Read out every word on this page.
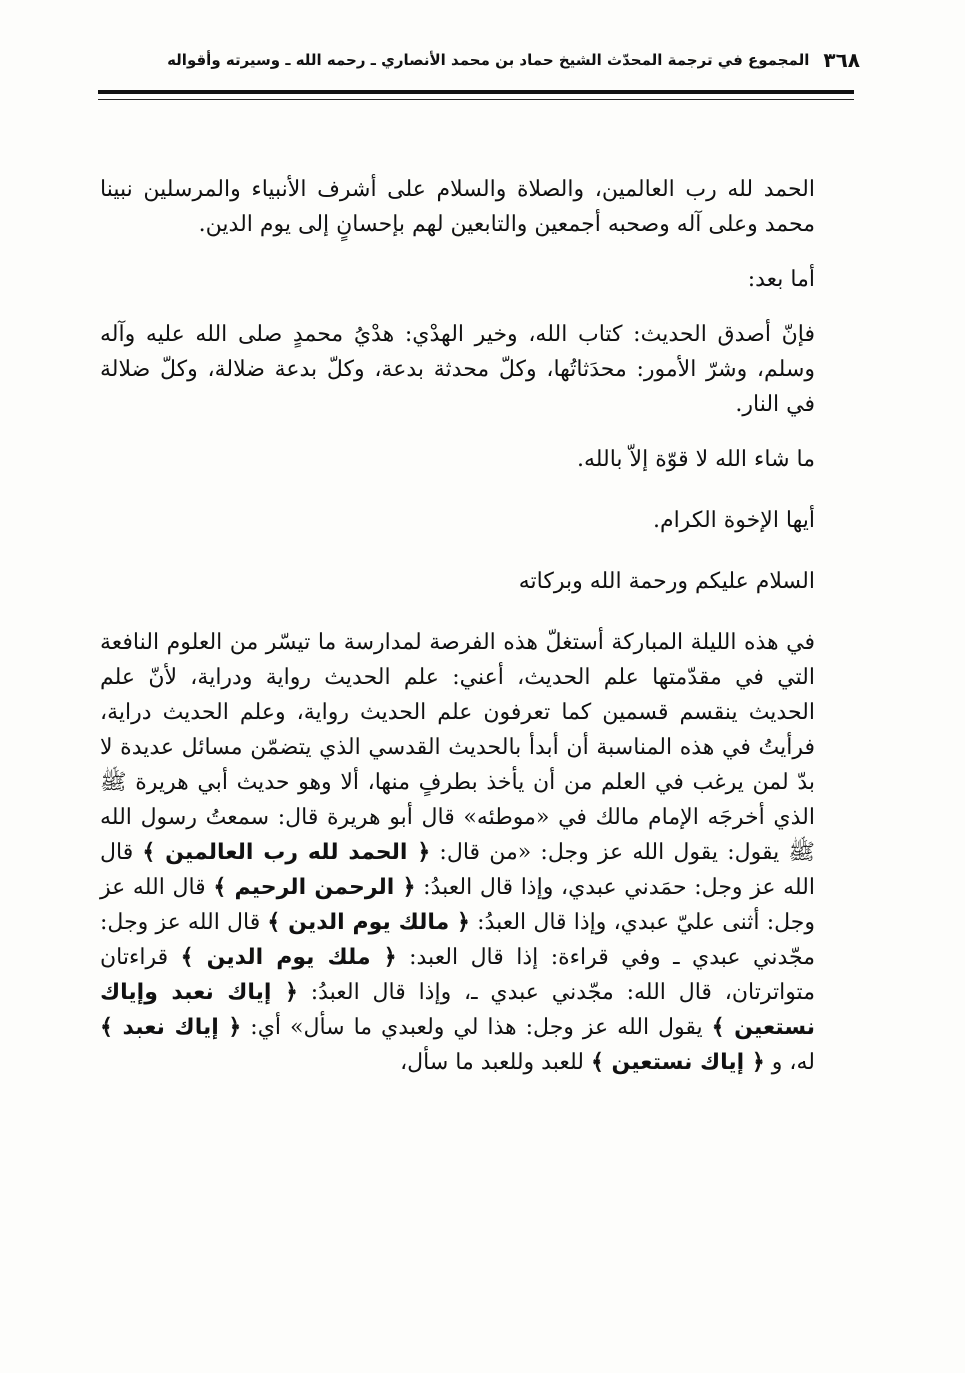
٣٦٨
المجموع في ترجمة المحدّث الشيخ حماد بن محمد الأنصاري ـ رحمه الله ـ وسيرته وأقواله

الحمد لله رب العالمين، والصلاة والسلام على أشرف الأنبياء والمرسلين نبينا محمد وعلى آله وصحبه أجمعين والتابعين لهم بإحسانٍ إلى يوم الدين.

أما بعد:

فإنّ أصدق الحديث: كتاب الله، وخير الهدْي: هدْيُ محمدٍ صلى الله عليه وآله وسلم، وشرّ الأمور: محدَثاتُها، وكلّ محدثة بدعة، وكلّ بدعة ضلالة، وكلّ ضلالة في النار.

ما شاء الله لا قوّة إلاّ بالله.

أيها الإخوة الكرام.

السلام عليكم ورحمة الله وبركاته

في هذه الليلة المباركة أستغلّ هذه الفرصة لمدارسة ما تيسّر من العلوم النافعة التي في مقدّمتها علم الحديث، أعني: علم الحديث رواية ودراية، لأنّ علم الحديث ينقسم قسمين كما تعرفون علم الحديث رواية، وعلم الحديث دراية، فرأيتُ في هذه المناسبة أن أبدأ بالحديث القدسي الذي يتضمّن مسائل عديدة لا بدّ لمن يرغب في العلم من أن يأخذ بطرفٍ منها، ألا وهو حديث أبي هريرة ﷺ الذي أخرجَه الإمام مالك في «موطئه» قال أبو هريرة قال: سمعتُ رسول الله ﷺ يقول: يقول الله عز وجل: «من قال: ﴿ الحمد لله رب العالمين ﴾ قال الله عز وجل: حمَدني عبدي، وإذا قال العبدُ: ﴿ الرحمن الرحيم ﴾ قال الله عز وجل: أثنى عليّ عبدي، وإذا قال العبدُ: ﴿ مالك يوم الدين ﴾ قال الله عز وجل: مجّدني عبدي ـ وفي قراءة: إذا قال العبد: ﴿ ملك يوم الدين ﴾ قراءتان متواترتان، قال الله: مجّدني عبدي ـ، وإذا قال العبدُ: ﴿ إياك نعبد وإياك نستعين ﴾ يقول الله عز وجل: هذا لي ولعبدي ما سأل» أي: ﴿ إياك نعبد ﴾ له، و ﴿ إياك نستعين ﴾ للعبد وللعبد ما سأل،
